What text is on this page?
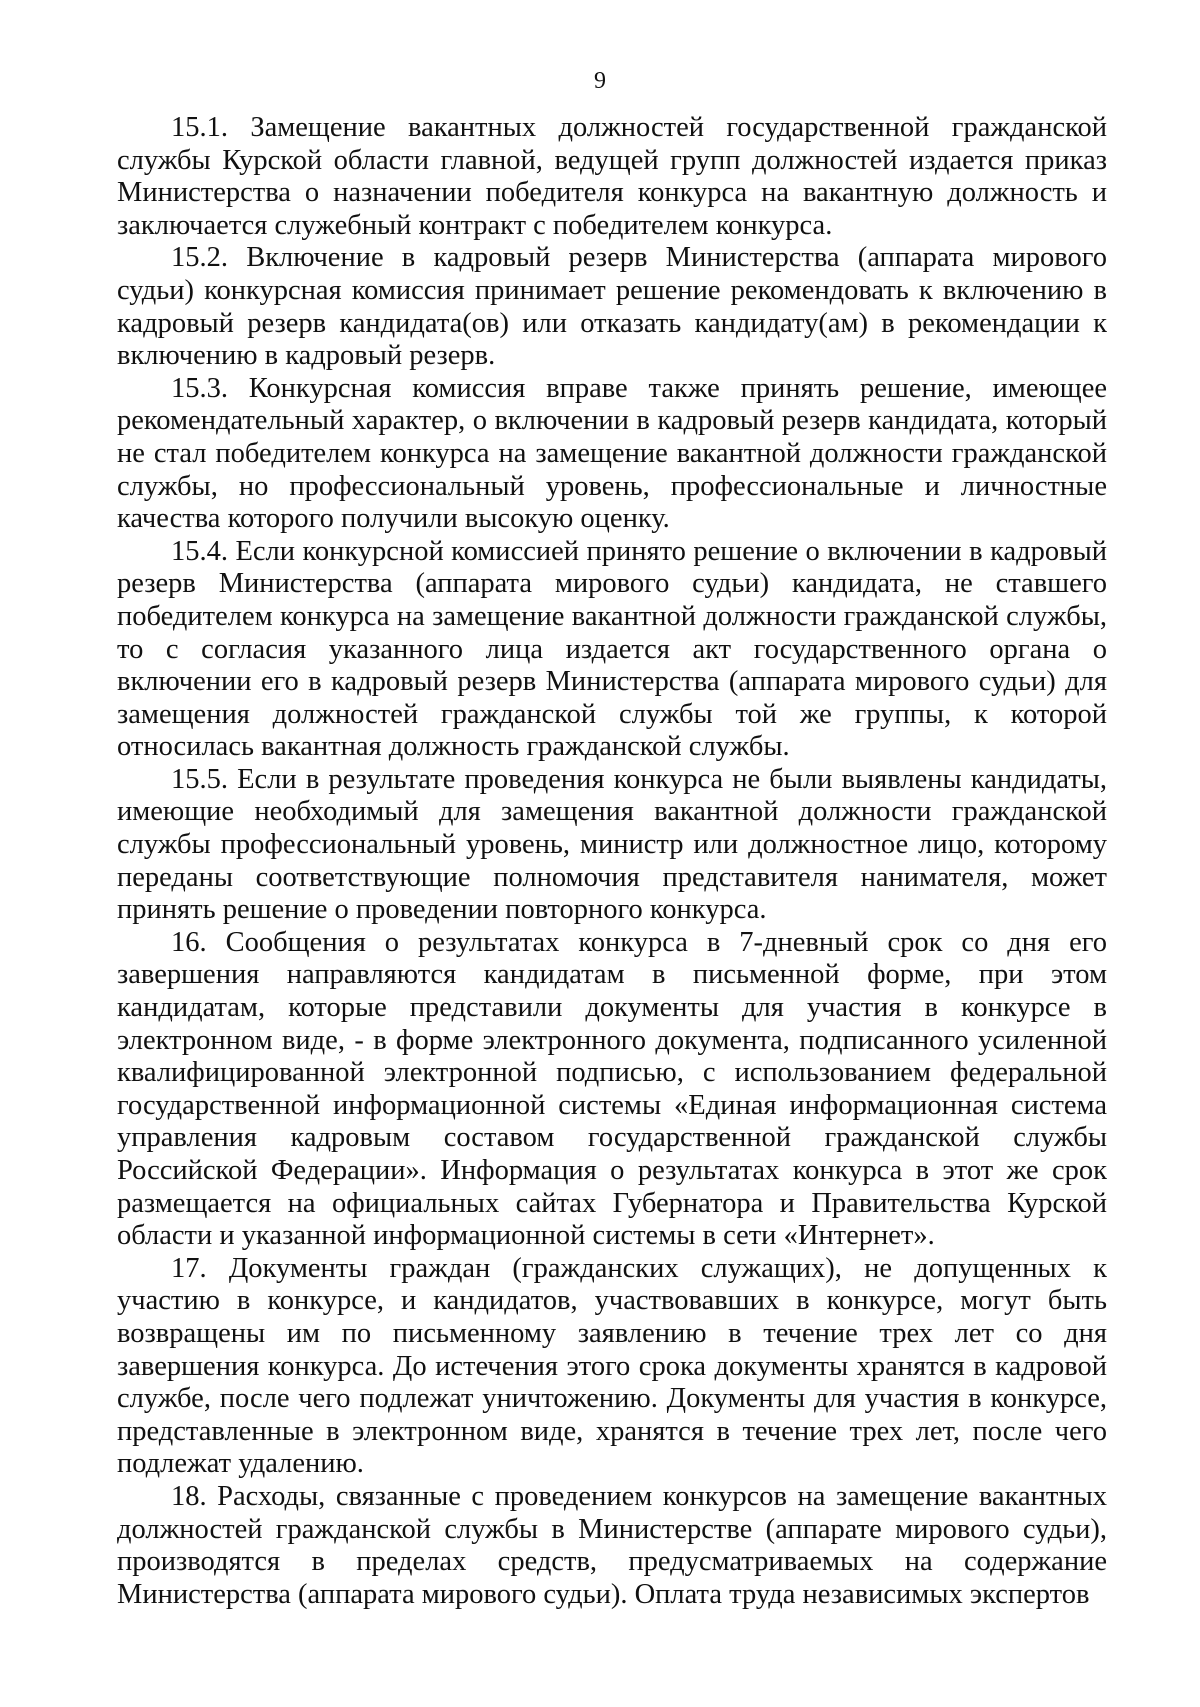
9

15.1. Замещение вакантных должностей государственной гражданской службы Курской области главной, ведущей групп должностей издается приказ Министерства о назначении победителя конкурса на вакантную должность и заключается служебный контракт с победителем конкурса.

15.2. Включение в кадровый резерв Министерства (аппарата мирового судьи) конкурсная комиссия принимает решение рекомендовать к включению в кадровый резерв кандидата(ов) или отказать кандидату(ам) в рекомендации к включению в кадровый резерв.

15.3. Конкурсная комиссия вправе также принять решение, имеющее рекомендательный характер, о включении в кадровый резерв кандидата, который не стал победителем конкурса на замещение вакантной должности гражданской службы, но профессиональный уровень, профессиональные и личностные качества которого получили высокую оценку.

15.4. Если конкурсной комиссией принято решение о включении в кадровый резерв Министерства (аппарата мирового судьи) кандидата, не ставшего победителем конкурса на замещение вакантной должности гражданской службы, то с согласия указанного лица издается акт государственного органа о включении его в кадровый резерв Министерства (аппарата мирового судьи) для замещения должностей гражданской службы той же группы, к которой относилась вакантная должность гражданской службы.

15.5. Если в результате проведения конкурса не были выявлены кандидаты, имеющие необходимый для замещения вакантной должности гражданской службы профессиональный уровень, министр или должностное лицо, которому переданы соответствующие полномочия представителя нанимателя, может принять решение о проведении повторного конкурса.

16. Сообщения о результатах конкурса в 7-дневный срок со дня его завершения направляются кандидатам в письменной форме, при этом кандидатам, которые представили документы для участия в конкурсе в электронном виде, - в форме электронного документа, подписанного усиленной квалифицированной электронной подписью, с использованием федеральной государственной информационной системы «Единая информационная система управления кадровым составом государственной гражданской службы Российской Федерации». Информация о результатах конкурса в этот же срок размещается на официальных сайтах Губернатора и Правительства Курской области и указанной информационной системы в сети «Интернет».

17. Документы граждан (гражданских служащих), не допущенных к участию в конкурсе, и кандидатов, участвовавших в конкурсе, могут быть возвращены им по письменному заявлению в течение трех лет со дня завершения конкурса. До истечения этого срока документы хранятся в кадровой службе, после чего подлежат уничтожению. Документы для участия в конкурсе, представленные в электронном виде, хранятся в течение трех лет, после чего подлежат удалению.

18. Расходы, связанные с проведением конкурсов на замещение вакантных должностей гражданской службы в Министерстве (аппарате мирового судьи), производятся в пределах средств, предусматриваемых на содержание Министерства (аппарата мирового судьи). Оплата труда независимых экспертов
